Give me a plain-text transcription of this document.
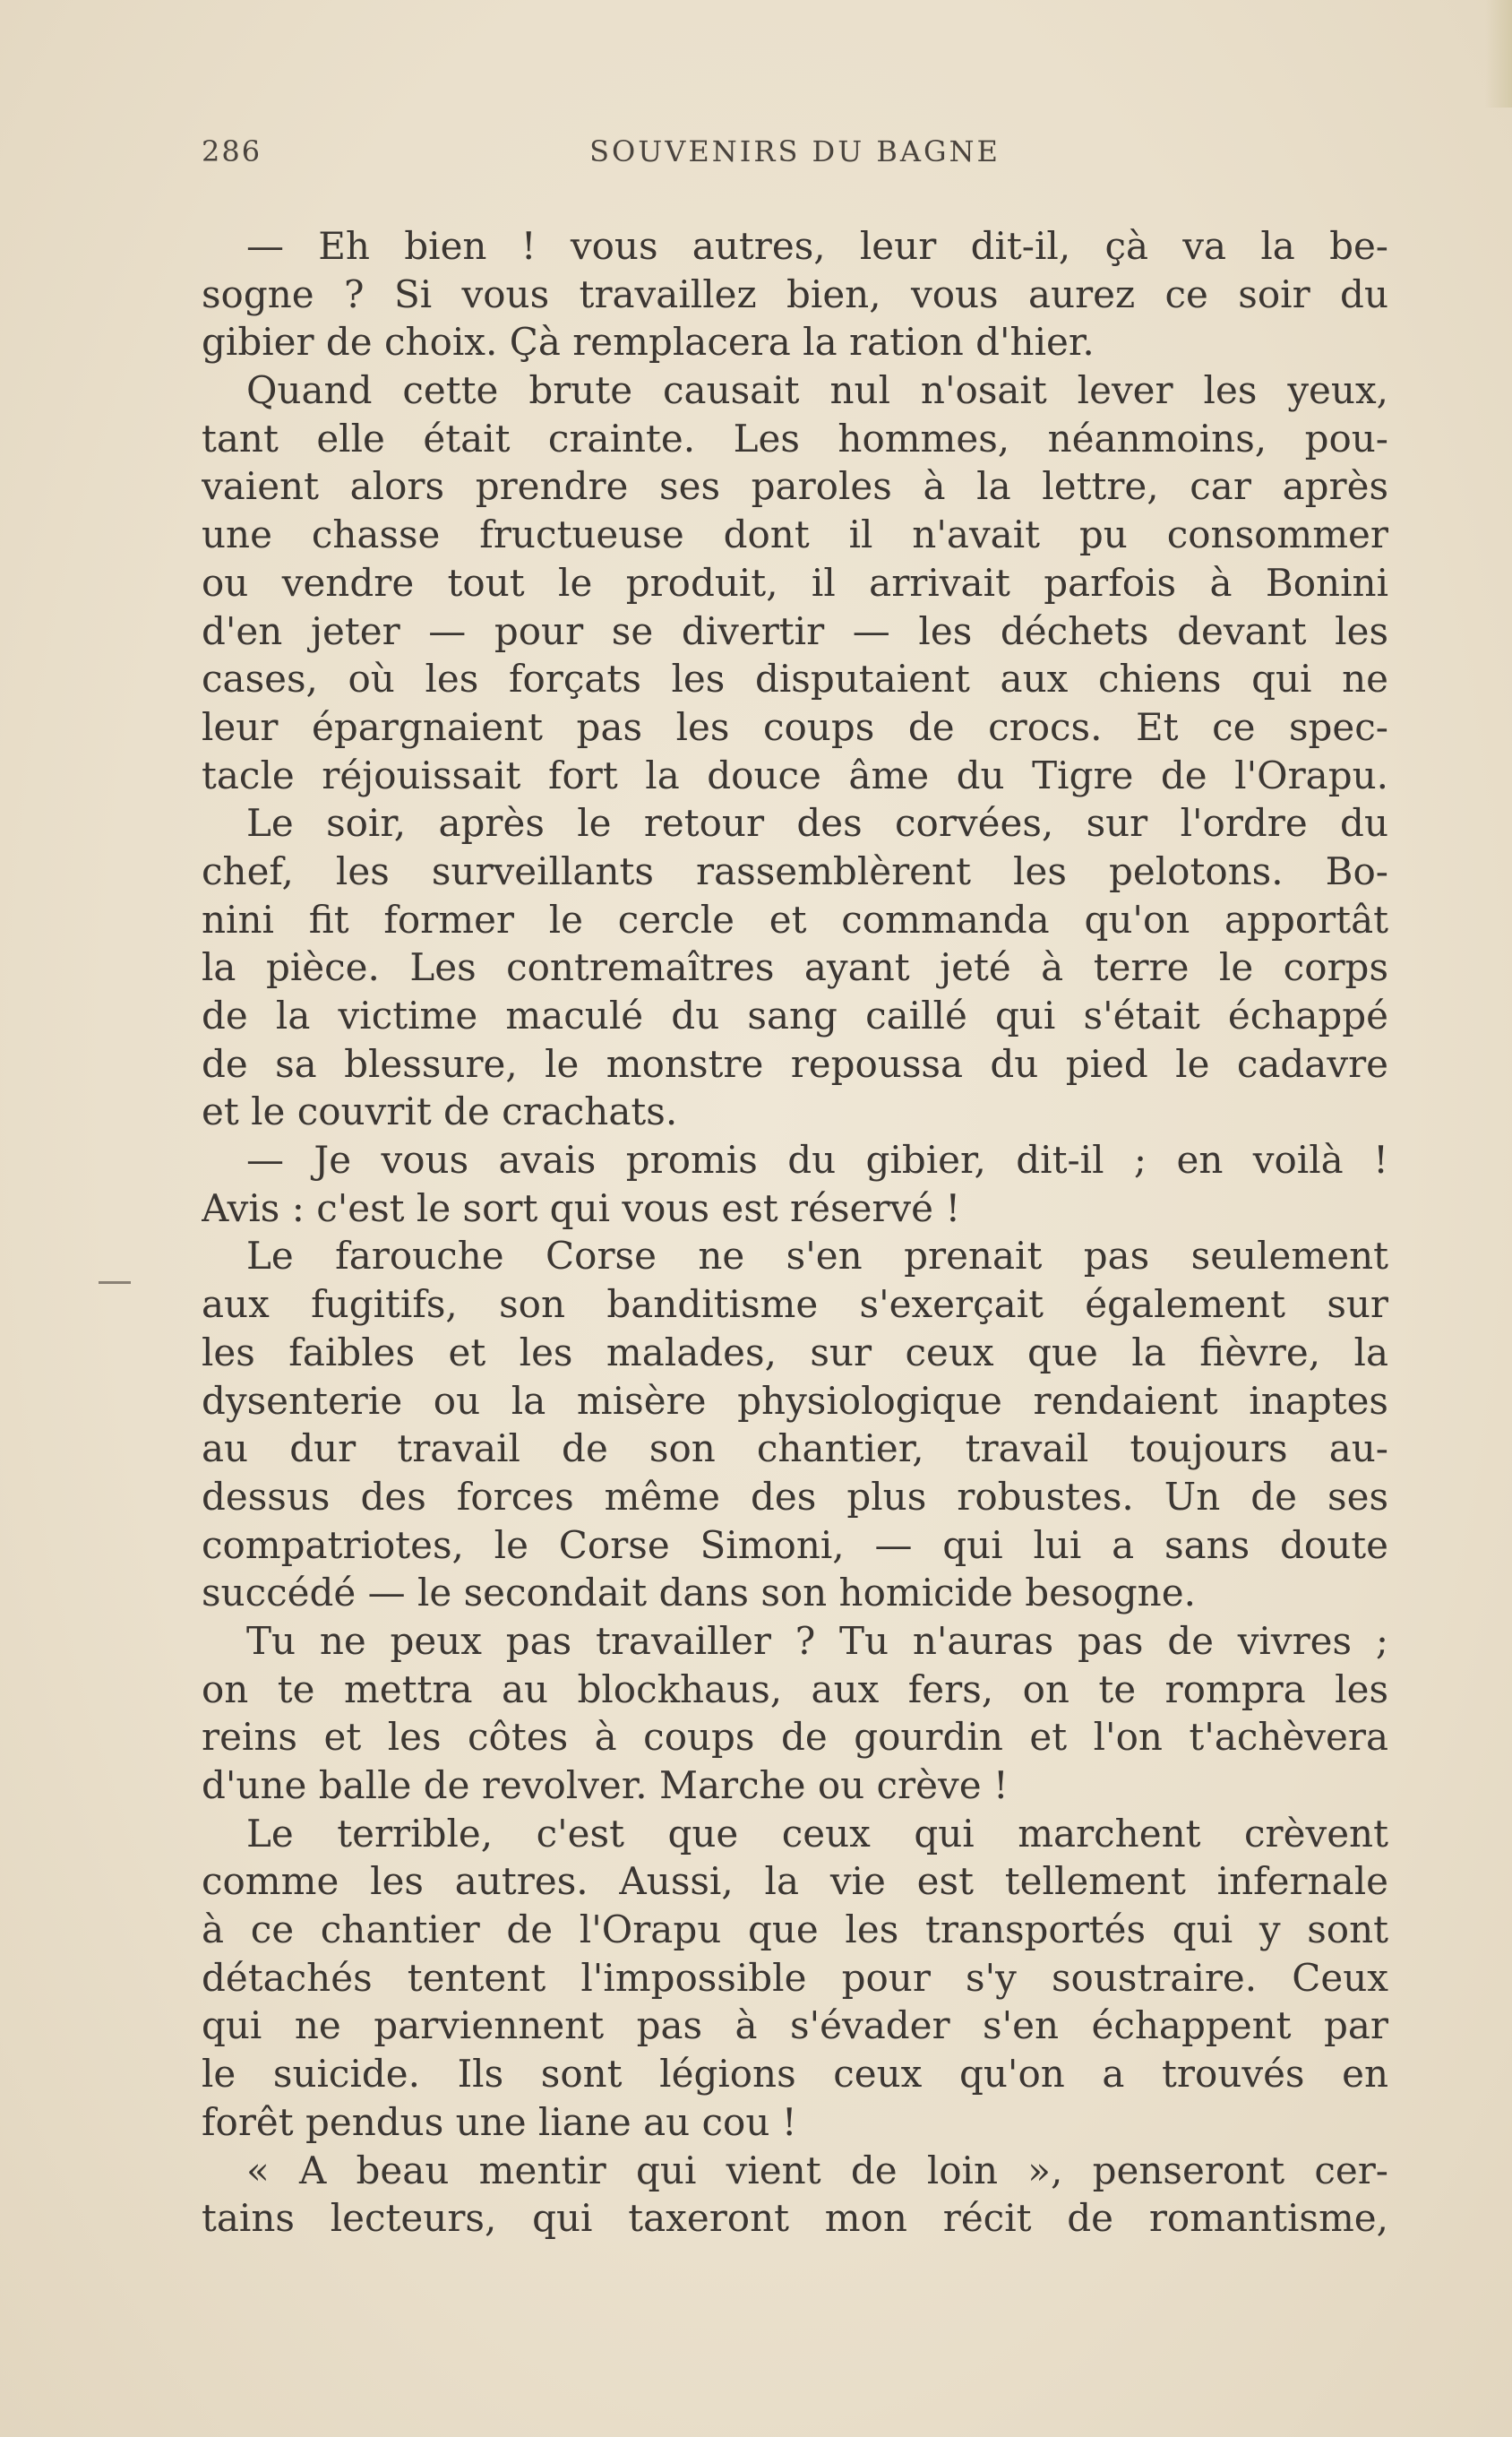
286	SOUVENIRS DU BAGNE
— Eh bien ! vous autres, leur dit-il, çà va la be-
sogne ? Si vous travaillez bien, vous aurez ce soir du
gibier de choix. Çà remplacera la ration d'hier.
Quand cette brute causait nul n'osait lever les yeux,
tant elle était crainte. Les hommes, néanmoins, pou-
vaient alors prendre ses paroles à la lettre, car après
une chasse fructueuse dont il n'avait pu consommer
ou vendre tout le produit, il arrivait parfois à Bonini
d'en jeter — pour se divertir — les déchets devant les
cases, où les forçats les disputaient aux chiens qui ne
leur épargnaient pas les coups de crocs. Et ce spec-
tacle réjouissait fort la douce âme du Tigre de l'Orapu.
Le soir, après le retour des corvées, sur l'ordre du
chef, les surveillants rassemblèrent les pelotons. Bo-
nini fit former le cercle et commanda qu'on apportât
la pièce. Les contremaîtres ayant jeté à terre le corps
de la victime maculé du sang caillé qui s'était échappé
de sa blessure, le monstre repoussa du pied le cadavre
et le couvrit de crachats.
— Je vous avais promis du gibier, dit-il ; en voilà !
Avis : c'est le sort qui vous est réservé !
Le farouche Corse ne s'en prenait pas seulement
aux fugitifs, son banditisme s'exerçait également sur
les faibles et les malades, sur ceux que la fièvre, la
dysenterie ou la misère physiologique rendaient inaptes
au dur travail de son chantier, travail toujours au-
dessus des forces même des plus robustes. Un de ses
compatriotes, le Corse Simoni, — qui lui a sans doute
succédé — le secondait dans son homicide besogne.
Tu ne peux pas travailler ? Tu n'auras pas de vivres ;
on te mettra au blockhaus, aux fers, on te rompra les
reins et les côtes à coups de gourdin et l'on t'achèvera
d'une balle de revolver. Marche ou crève !
Le terrible, c'est que ceux qui marchent crèvent
comme les autres. Aussi, la vie est tellement infernale
à ce chantier de l'Orapu que les transportés qui y sont
détachés tentent l'impossible pour s'y soustraire. Ceux
qui ne parviennent pas à s'évader s'en échappent par
le suicide. Ils sont légions ceux qu'on a trouvés en
forêt pendus une liane au cou !
« A beau mentir qui vient de loin », penseront cer-
tains lecteurs, qui taxeront mon récit de romantisme,
